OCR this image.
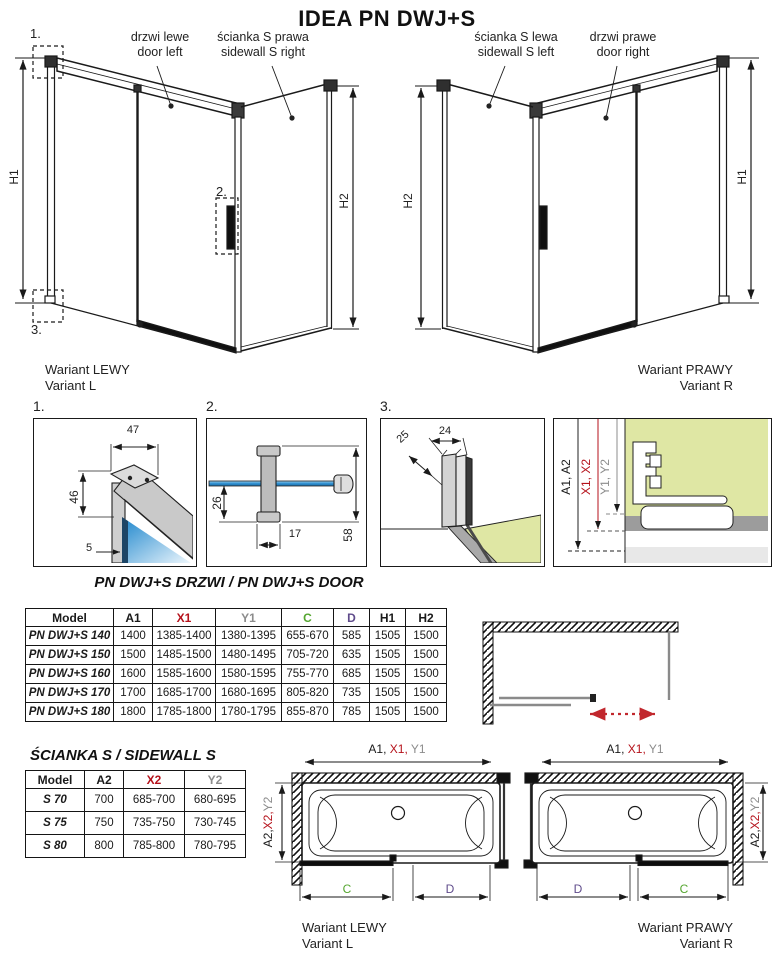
IDEA PN DWJ+S
1.	drzwi lewe
door left
ścianka S prawa
sidewall S right
ścianka S lewa
sidewall S left
drzwi prawe
door right
H1
H2	H2
H1
2.
3.
Wariant LEWY
Variant L
Wariant PRAWY
Variant R
1.	2.	3.
47
46
5
26
17	58
24
25
A1, A2 X1, X2 Y1, Y2
PN DWJ+S DRZWI / PN DWJ+S DOOR
Model	A1	X1	Y1	C	D	H1	H2
PN DWJ+S 140	1400	1385-1400	1380-1395	655-670	585	1505	1500
PN DWJ+S 150	1500	1485-1500	1480-1495	705-720	635	1505	1500
PN DWJ+S 160	1600	1585-1600	1580-1595	755-770	685	1505	1500
PN DWJ+S 170	1700	1685-1700	1680-1695	805-820	735	1505	1500
PN DWJ+S 180	1800	1785-1800	1780-1795	855-870	785	1505	1500
ŚCIANKA S / SIDEWALL S
Model	A2	X2	Y2
S 70	700	685-700	680-695
S 75	750	735-750	730-745
S 80	800	785-800	780-795
A1, X1, Y1	A1, X1, Y1
A2,X2,Y2
A2,X2,Y2
C	D	D	C
Wariant LEWY
Variant L
Wariant PRAWY
Variant R
